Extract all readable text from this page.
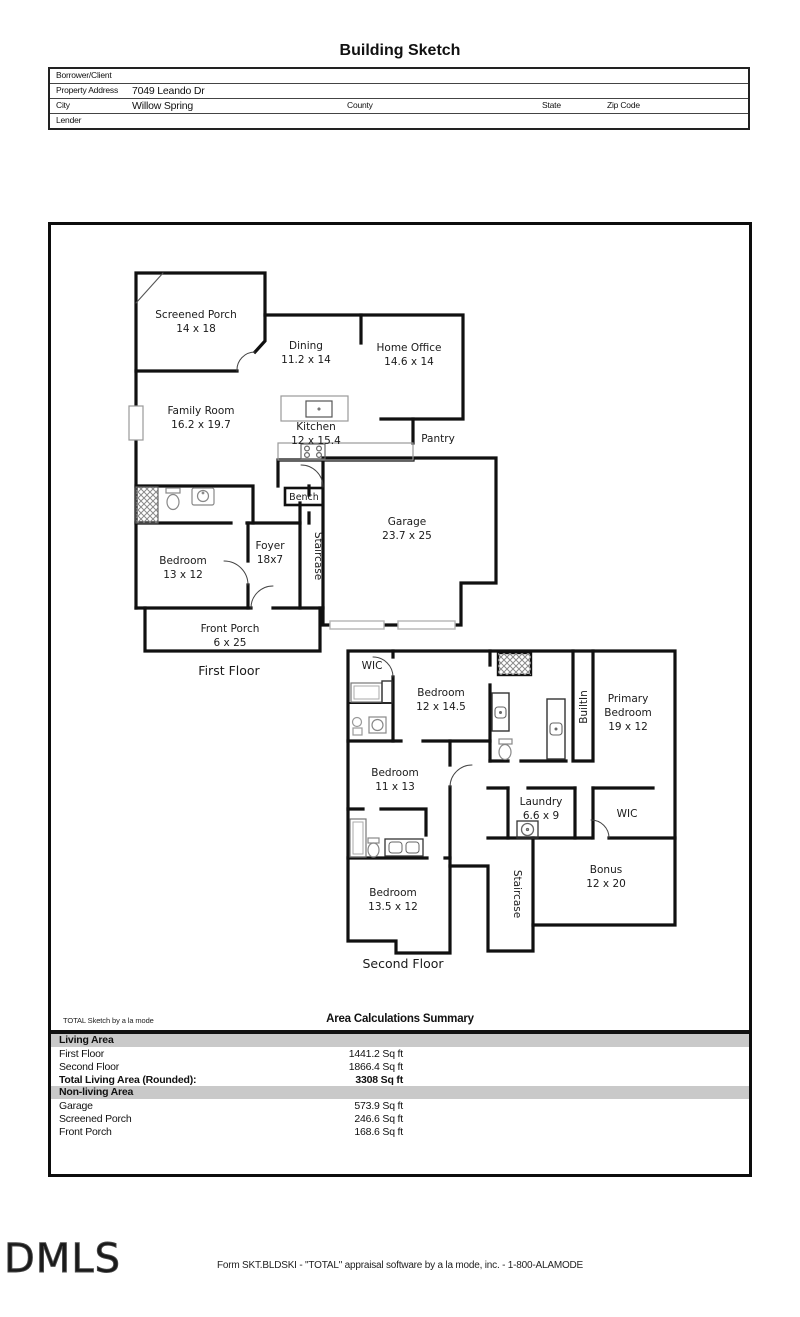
Building Sketch
Borrower/Client
Property Address 7049 Leando Dr
City	Willow Spring	County	State	Zip Code
Lender
Screened Porch
14 x 18
Dining
11.2 x 14
Home Office
14.6 x 14
Family Room
16.2 x 19.7	Kitchen
12 x 15.4	Pantry
Bench
Garage
23.7 x 25
Bedroom
13 x 12
Foyer
18x7	Staircase
Front Porch
6 x 25
First Floor	WIC
Bedroom
12 x 14.5	BuiltIn Primary
Bedroom
19 x 12
Bedroom
11 x 13
Laundry
6.6 x 9	WIC
Bonus
12 x 20
Staircase
Bedroom
13.5 x 12
Second Floor
TOTAL Sketch by a la mode	Area Calculations Summary
Living Area
First Floor	1441.2 Sq ft
Second Floor	1866.4 Sq ft
Total Living Area (Rounded):	3308 Sq ft
Non-living Area
Garage	573.9 Sq ft
Screened Porch	246.6 Sq ft
Front Porch	168.6 Sq ft
DMLS	Form SKT.BLDSKI - "TOTAL" appraisal software by a la mode, inc. - 1-800-ALAMODE
